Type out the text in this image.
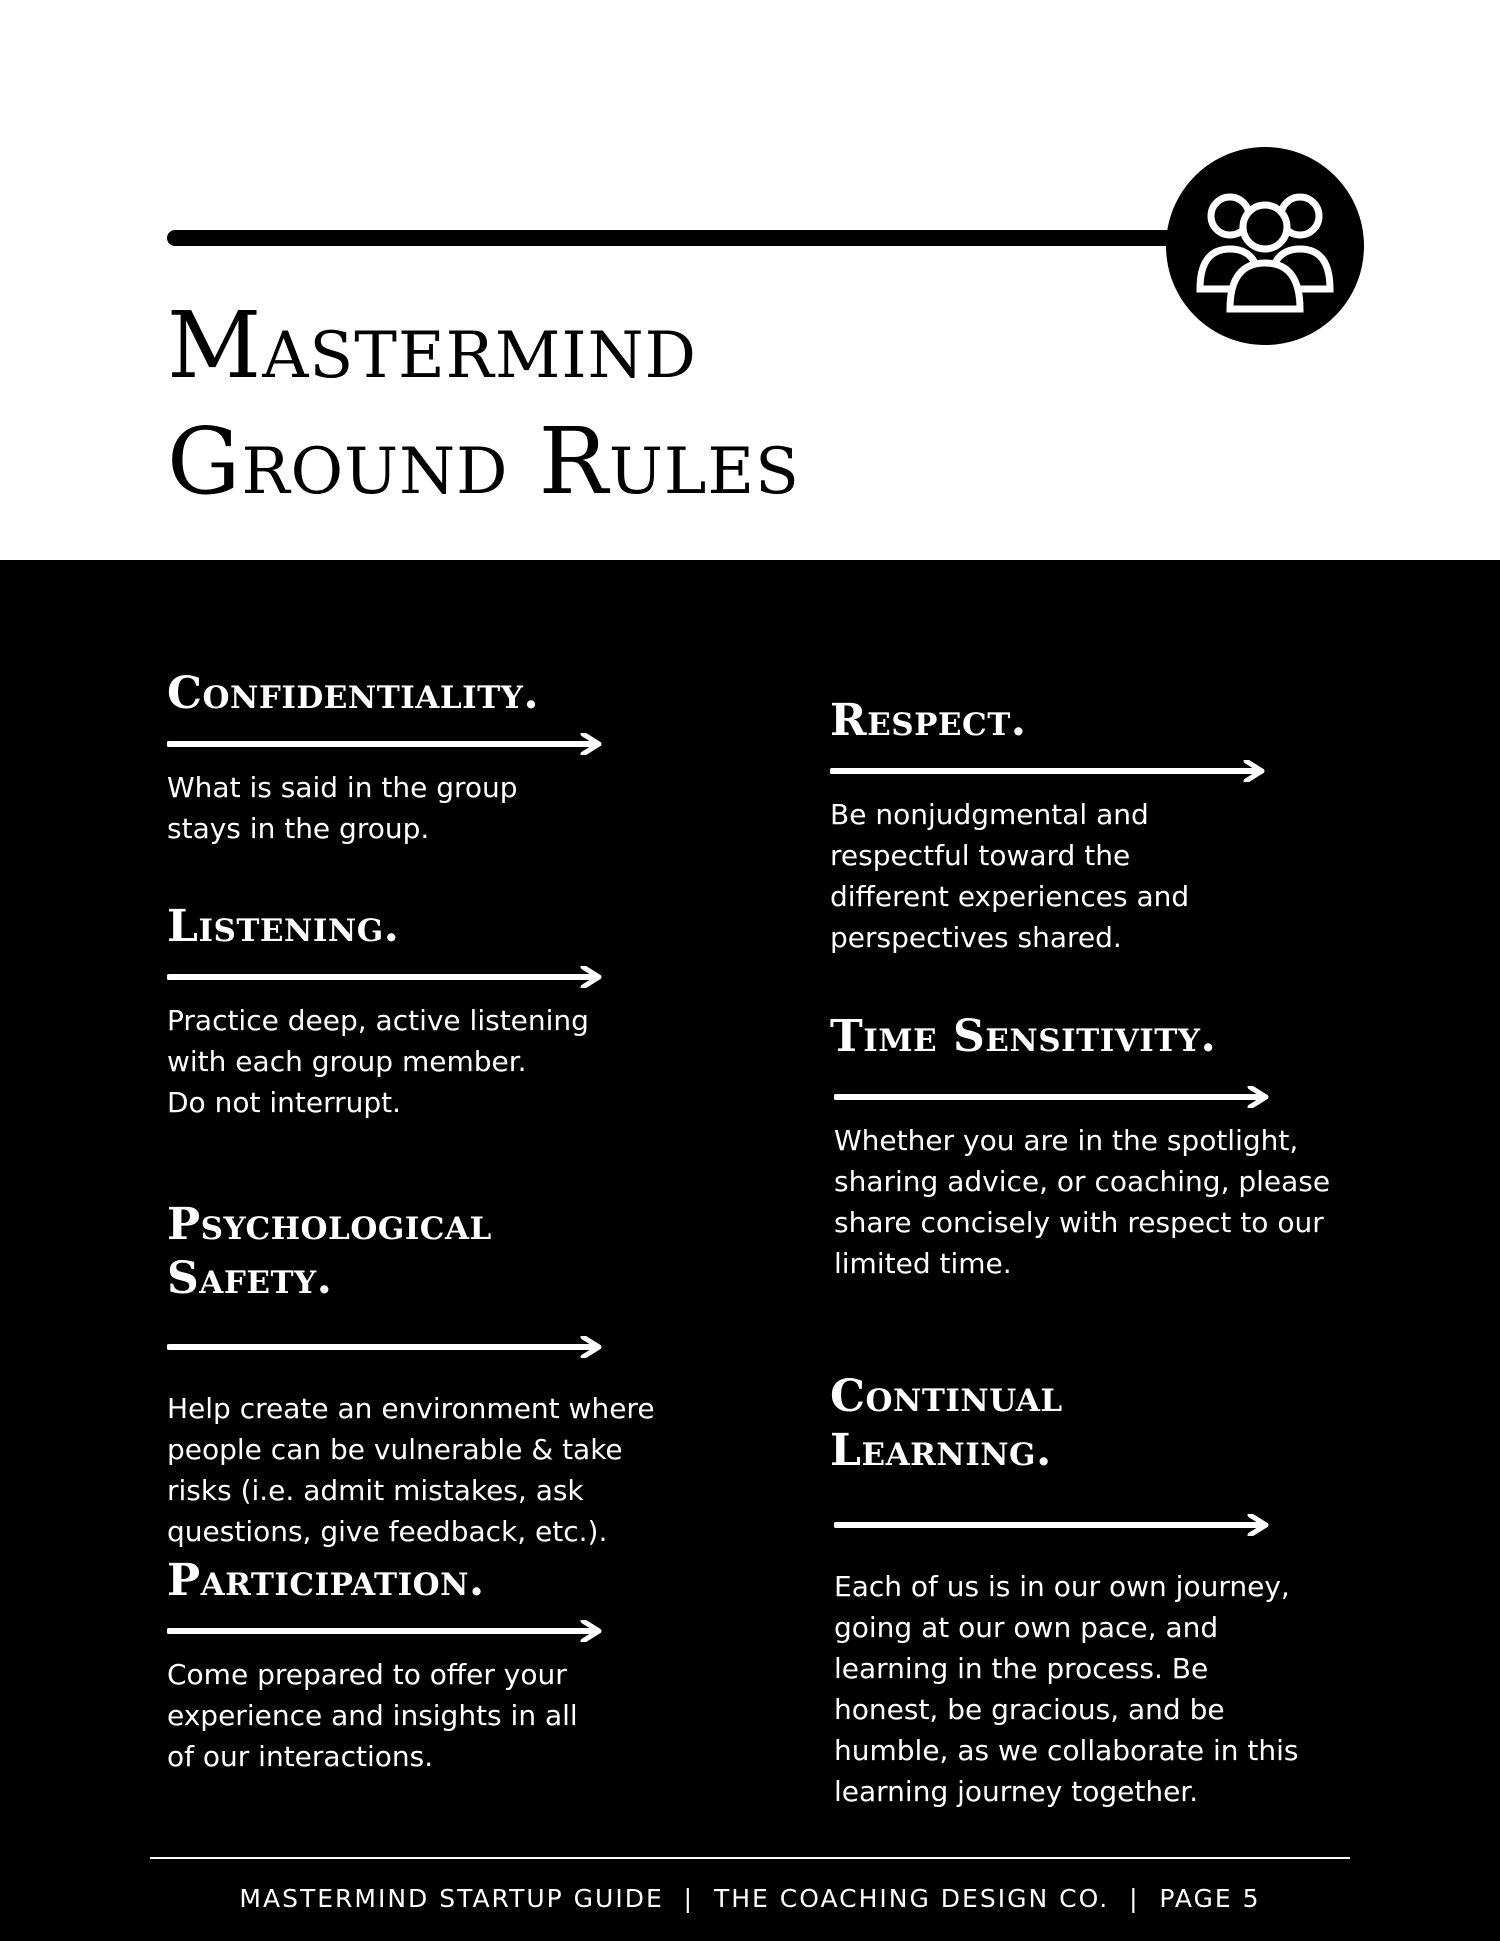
Mastermind
Ground Rules
Confidentiality.

What is said in the group
stays in the group.

Listening.

Practice deep, active listening
with each group member.
Do not interrupt.

Psychological
Safety.

Help create an environment where
people can be vulnerable & take
risks (i.e. admit mistakes, ask
questions, give feedback, etc.).

Participation.

Come prepared to offer your
experience and insights in all
of our interactions.

Respect.

Be nonjudgmental and
respectful toward the
different experiences and
perspectives shared.

Time Sensitivity.

Whether you are in the spotlight,
sharing advice, or coaching, please
share concisely with respect to our
limited time.

Continual
Learning.

Each of us is in our own journey,
going at our own pace, and
learning in the process. Be
honest, be gracious, and be
humble, as we collaborate in this
learning journey together.

MASTERMIND STARTUP GUIDE  |  THE COACHING DESIGN CO.  |  PAGE 5
